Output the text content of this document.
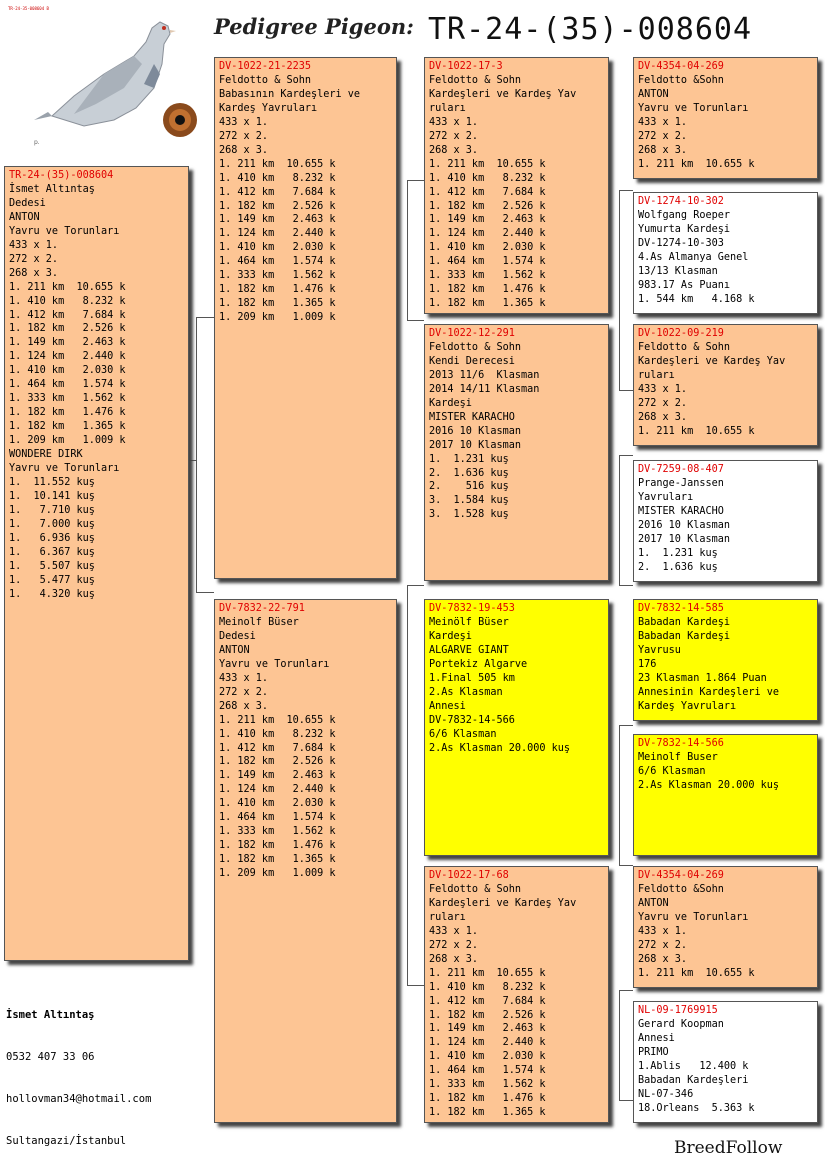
TR-24-35-008604 B
p.
Pedigree Pigeon: TR-24-(35)-008604
TR-24-(35)-008604
İsmet Altıntaş
Dedesi
ANTON
Yavru ve Torunları
433 x 1.
272 x 2.
268 x 3.
1. 211 km  10.655 k
1. 410 km   8.232 k
1. 412 km   7.684 k
1. 182 km   2.526 k
1. 149 km   2.463 k
1. 124 km   2.440 k
1. 410 km   2.030 k
1. 464 km   1.574 k
1. 333 km   1.562 k
1. 182 km   1.476 k
1. 182 km   1.365 k
1. 209 km   1.009 k
WONDERE DIRK
Yavru ve Torunları
1.  11.552 kuş
1.  10.141 kuş
1.   7.710 kuş
1.   7.000 kuş
1.   6.936 kuş
1.   6.367 kuş
1.   5.507 kuş
1.   5.477 kuş
1.   4.320 kuş
DV-1022-21-2235
Feldotto & Sohn
Babasının Kardeşleri ve
Kardeş Yavruları
433 x 1.
272 x 2.
268 x 3.
1. 211 km  10.655 k
1. 410 km   8.232 k
1. 412 km   7.684 k
1. 182 km   2.526 k
1. 149 km   2.463 k
1. 124 km   2.440 k
1. 410 km   2.030 k
1. 464 km   1.574 k
1. 333 km   1.562 k
1. 182 km   1.476 k
1. 182 km   1.365 k
1. 209 km   1.009 k
DV-7832-22-791
Meinolf Büser
Dedesi
ANTON
Yavru ve Torunları
433 x 1.
272 x 2.
268 x 3.
1. 211 km  10.655 k
1. 410 km   8.232 k
1. 412 km   7.684 k
1. 182 km   2.526 k
1. 149 km   2.463 k
1. 124 km   2.440 k
1. 410 km   2.030 k
1. 464 km   1.574 k
1. 333 km   1.562 k
1. 182 km   1.476 k
1. 182 km   1.365 k
1. 209 km   1.009 k
DV-1022-17-3
Feldotto & Sohn
Kardeşleri ve Kardeş Yav
ruları
433 x 1.
272 x 2.
268 x 3.
1. 211 km  10.655 k
1. 410 km   8.232 k
1. 412 km   7.684 k
1. 182 km   2.526 k
1. 149 km   2.463 k
1. 124 km   2.440 k
1. 410 km   2.030 k
1. 464 km   1.574 k
1. 333 km   1.562 k
1. 182 km   1.476 k
1. 182 km   1.365 k
DV-1022-12-291
Feldotto & Sohn
Kendi Derecesi
2013 11/6  Klasman
2014 14/11 Klasman
Kardeşi
MISTER KARACHO
2016 10 Klasman
2017 10 Klasman
1.  1.231 kuş
2.  1.636 kuş
2.    516 kuş
3.  1.584 kuş
3.  1.528 kuş
DV-7832-19-453
Meinölf Büser
Kardeşi
ALGARVE GIANT
Portekiz Algarve
1.Final 505 km
2.As Klasman
Annesi
DV-7832-14-566
6/6 Klasman
2.As Klasman 20.000 kuş
DV-1022-17-68
Feldotto & Sohn
Kardeşleri ve Kardeş Yav
ruları
433 x 1.
272 x 2.
268 x 3.
1. 211 km  10.655 k
1. 410 km   8.232 k
1. 412 km   7.684 k
1. 182 km   2.526 k
1. 149 km   2.463 k
1. 124 km   2.440 k
1. 410 km   2.030 k
1. 464 km   1.574 k
1. 333 km   1.562 k
1. 182 km   1.476 k
1. 182 km   1.365 k
DV-4354-04-269
Feldotto &Sohn
ANTON
Yavru ve Torunları
433 x 1.
272 x 2.
268 x 3.
1. 211 km  10.655 k
DV-1274-10-302
Wolfgang Roeper
Yumurta Kardeşi
DV-1274-10-303
4.As Almanya Genel
13/13 Klasman
983.17 As Puanı
1. 544 km   4.168 k
DV-1022-09-219
Feldotto & Sohn
Kardeşleri ve Kardeş Yav
ruları
433 x 1.
272 x 2.
268 x 3.
1. 211 km  10.655 k
DV-7259-08-407
Prange-Janssen
Yavruları
MISTER KARACHO
2016 10 Klasman
2017 10 Klasman
1.  1.231 kuş
2.  1.636 kuş
DV-7832-14-585
Babadan Kardeşi
Babadan Kardeşi
Yavrusu
176
23 Klasman 1.864 Puan
Annesinin Kardeşleri ve
Kardeş Yavruları
DV-7832-14-566
Meinolf Buser
6/6 Klasman
2.As Klasman 20.000 kuş
DV-4354-04-269
Feldotto &Sohn
ANTON
Yavru ve Torunları
433 x 1.
272 x 2.
268 x 3.
1. 211 km  10.655 k
NL-09-1769915
Gerard Koopman
Annesi
PRIMO
1.Ablis   12.400 k
Babadan Kardeşleri
NL-07-346
18.Orleans  5.363 k

İsmet Altıntaş

0532 407 33 06

hollovman34@hotmail.com

Sultangazi/İstanbul	BreedFollow
